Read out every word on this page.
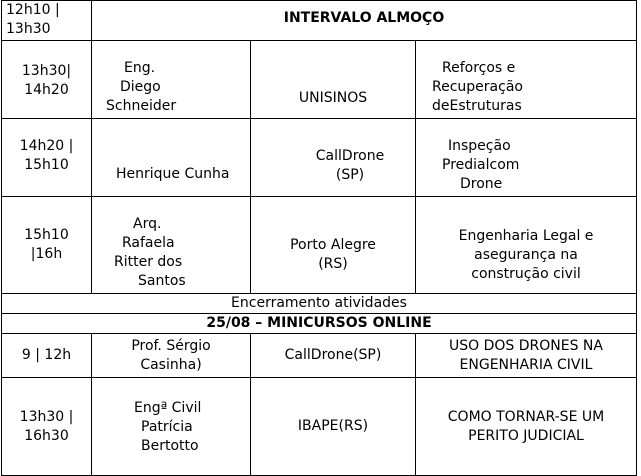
12h10 |
13h30
INTERVALO ALMOÇO
13h30|
14h20
Eng.
Diego
Schneider	UNISINOS
Reforços e
Recuperação
deEstruturas
14h20 |
15h10
Henrique Cunha
CallDrone
(SP)
Inspeção
Predialcom
Drone
15h10
|16h
Arq.
Rafaela
Ritter dos
Santos
Porto Alegre
(RS)
Engenharia Legal e
asegurança na
construção civil
Encerramento atividades
25/08 – MINICURSOS ONLINE
9 | 12h
Prof. Sérgio
Casinha)
CallDrone(SP)
USO DOS DRONES NA
ENGENHARIA CIVIL
13h30 |
16h30
Engª Civil
Patrícia
Bertotto
IBAPE(RS)
COMO TORNAR-SE UM
PERITO JUDICIAL
